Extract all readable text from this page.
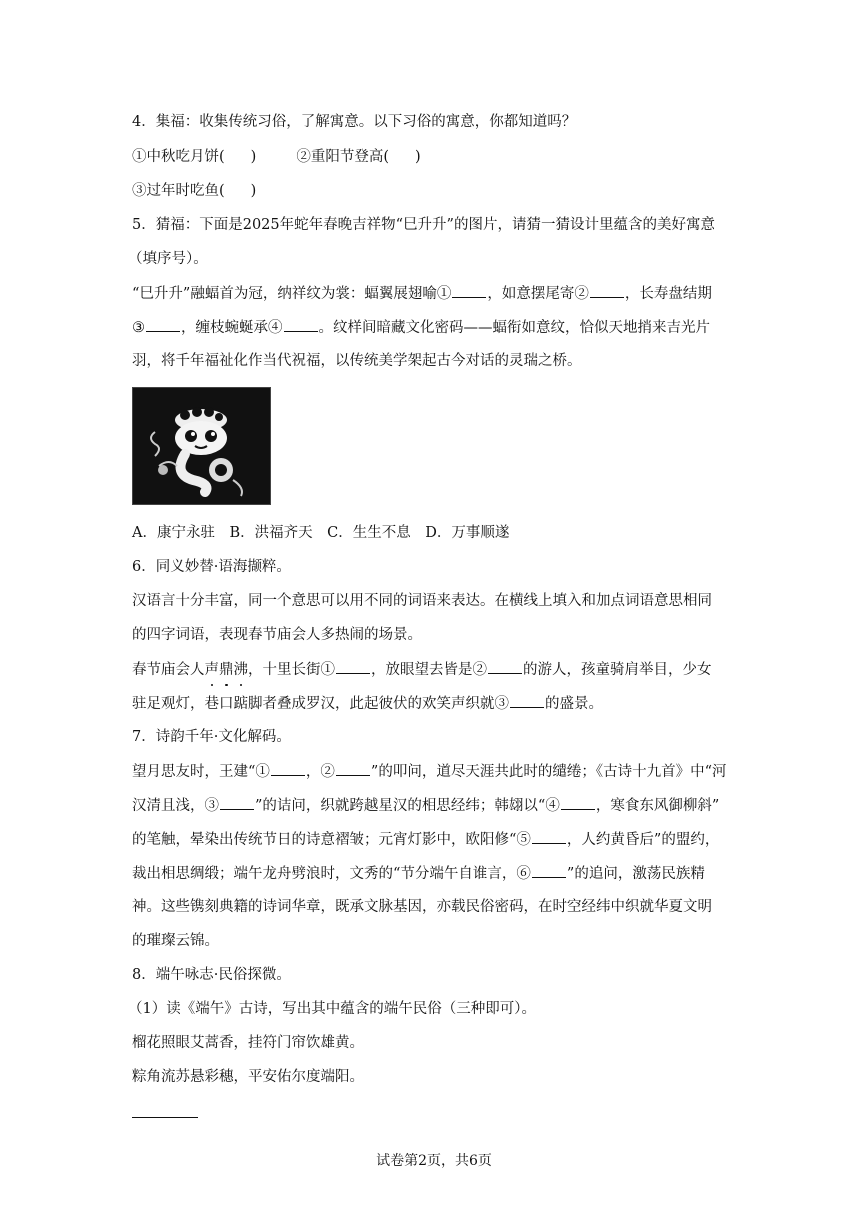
4．集福：收集传统习俗，了解寓意。以下习俗的寓意，你都知道吗？
①中秋吃月饼( )	②重阳节登高( )
③过年时吃鱼( )
5．猜福：下面是2025年蛇年春晚吉祥物“巳升升”的图片，请猜一猜设计里蕴含的美好寓意
（填序号）。
“巳升升”融蝠首为冠，纳祥纹为裳：蝠翼展翅喻① ，如意摆尾寄② ，长寿盘结期
③ ，缠枝蜿蜒承④ 。纹样间暗藏文化密码——蝠衔如意纹，恰似天地捎来吉光片
羽，将千年福祉化作当代祝福，以传统美学架起古今对话的灵瑞之桥。
A．康宁永驻　B．洪福齐天　C．生生不息　D．万事顺遂
6．同义妙替·语海撷粹。
汉语言十分丰富，同一个意思可以用不同的词语来表达。在横线上填入和加点词语意思相同
的四字词语，表现春节庙会人多热闹的场景。
春节庙会人声鼎沸，十里长街① ，放眼望去皆是② 的游人，孩童骑肩举目，少女
驻足观灯，巷口踮脚者叠成罗汉，此起彼伏的欢笑声织就③ 的盛景。
7．诗韵千年·文化解码。
望月思友时，王建“① ，② ”的叩问，道尽天涯共此时的缱绻；《古诗十九首》中“河
汉清且浅，③ ”的诘问，织就跨越星汉的相思经纬；韩翃以“④ ，寒食东风御柳斜”
的笔触，晕染出传统节日的诗意褶皱；元宵灯影中，欧阳修“⑤ ，人约黄昏后”的盟约，
裁出相思绸缎；端午龙舟劈浪时，文秀的“节分端午自谁言，⑥ ”的追问，激荡民族精
神。这些镌刻典籍的诗词华章，既承文脉基因，亦载民俗密码，在时空经纬中织就华夏文明
的璀璨云锦。
8．端午咏志·民俗探微。
（1）读《端午》古诗，写出其中蕴含的端午民俗（三种即可）。
榴花照眼艾蒿香，挂符门帘饮雄黄。
粽角流苏悬彩穗，平安佑尔度端阳。
试卷第2页，共6页
